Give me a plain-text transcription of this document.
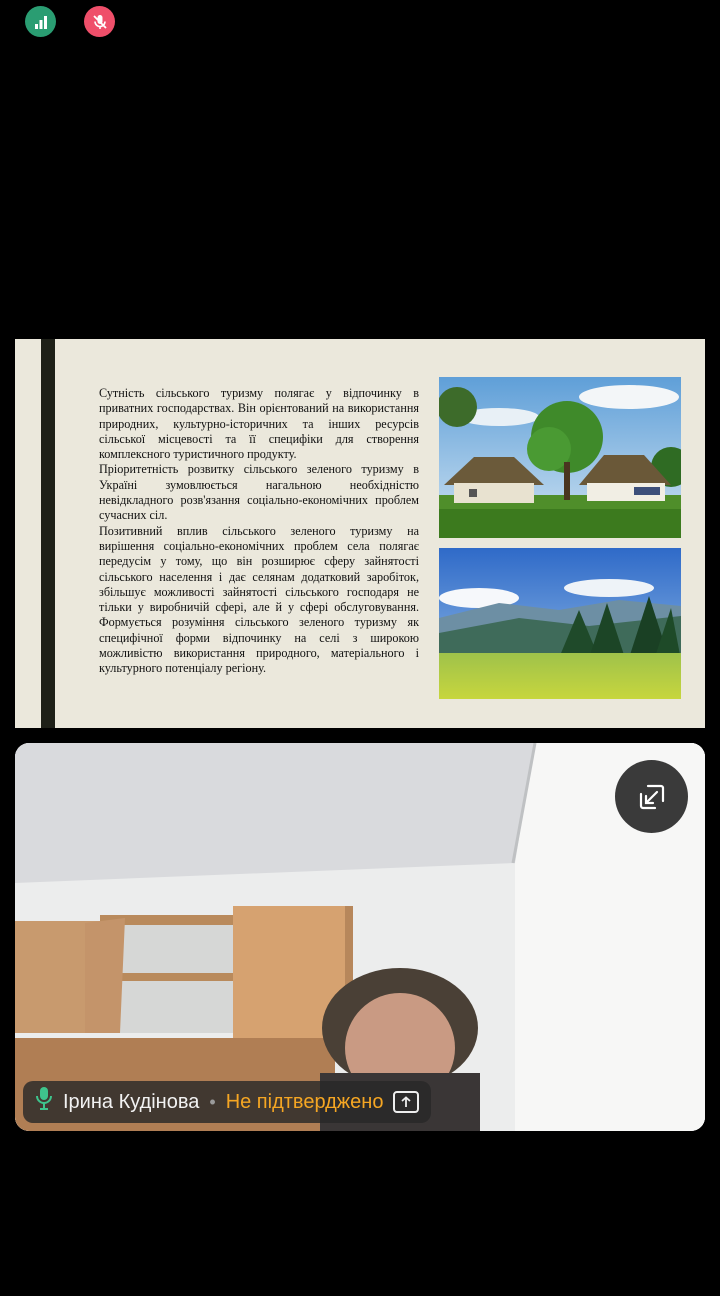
Сутність сільського туризму полягає у відпочинку в приватних господарствах. Він орієнтований на використання природних, культурно-історичних та інших ресурсів сільської місцевості та її специфіки для створення комплексного туристичного продукту.

Пріоритетність розвитку сільського зеленого туризму в Україні зумовлюється нагальною необхідністю невідкладного розв'язання соціально-економічних проблем сучасних сіл.

Позитивний вплив сільського зеленого туризму на вирішення соціально-економічних проблем села полягає передусім у тому, що він розширює сферу зайнятості сільського населення і дає селянам додатковий заробіток, збільшує можливості зайнятості сільського господаря не тільки у виробничій сфері, але й у сфері обслуговування. Формується розуміння сільського зеленого туризму як специфічної форми відпочинку на селі з широкою можливістю використання природного, матеріального і культурного потенціалу регіону.

Ірина Кудінова • Не підтверджено
